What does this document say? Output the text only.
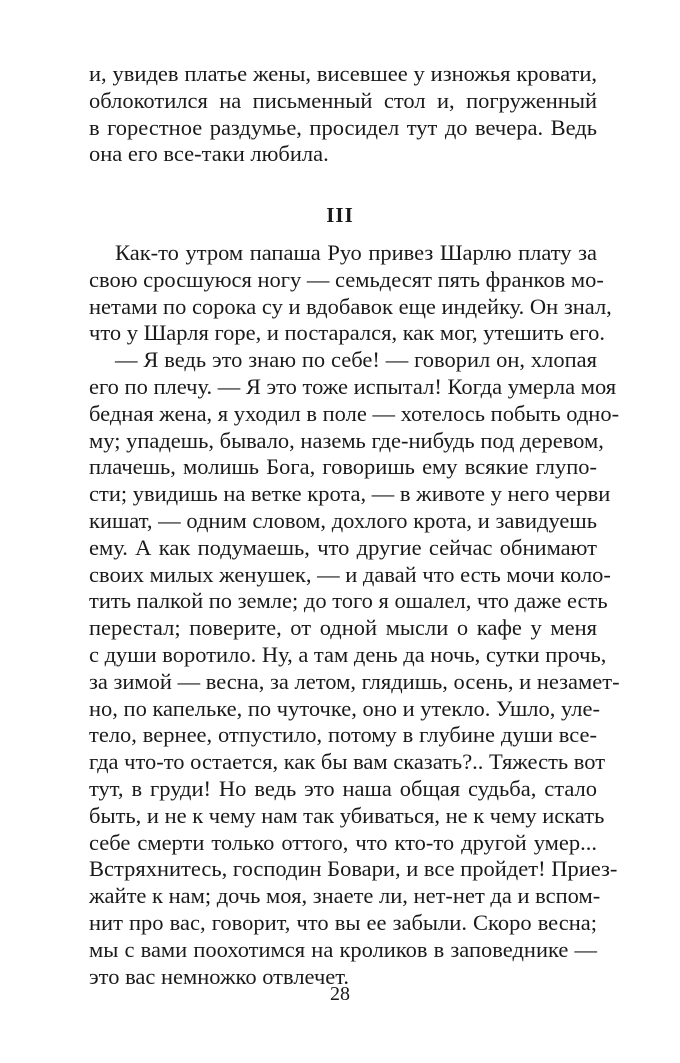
и, увидев платье жены, висевшее у изножья кровати,
облокотился на письменный стол и, погруженный
в горестное раздумье, просидел тут до вечера. Ведь
она его все-таки любила.
III
Как-то утром папаша Руо привез Шарлю плату за
свою сросшуюся ногу — семьдесят пять франков мо-
нетами по сорока су и вдобавок еще индейку. Он знал,
что у Шарля горе, и постарался, как мог, утешить его.
— Я ведь это знаю по себе! — говорил он, хлопая
его по плечу. — Я это тоже испытал! Когда умерла моя
бедная жена, я уходил в поле — хотелось побыть одно-
му; упадешь, бывало, наземь где-нибудь под деревом,
плачешь, молишь Бога, говоришь ему всякие глупо-
сти; увидишь на ветке крота, — в животе у него черви
кишат, — одним словом, дохлого крота, и завидуешь
ему. А как подумаешь, что другие сейчас обнимают
своих милых женушек, — и давай что есть мочи коло-
тить палкой по земле; до того я ошалел, что даже есть
перестал; поверите, от одной мысли о кафе у меня
с души воротило. Ну, а там день да ночь, сутки прочь,
за зимой — весна, за летом, глядишь, осень, и незамет-
но, по капельке, по чуточке, оно и утекло. Ушло, уле-
тело, вернее, отпустило, потому в глубине души все-
гда что-то остается, как бы вам сказать?.. Тяжесть вот
тут, в груди! Но ведь это наша общая судьба, стало
быть, и не к чему нам так убиваться, не к чему искать
себе смерти только оттого, что кто-то другой умер...
Встряхнитесь, господин Бовари, и все пройдет! Приез-
жайте к нам; дочь моя, знаете ли, нет-нет да и вспом-
нит про вас, говорит, что вы ее забыли. Скоро весна;
мы с вами поохотимся на кроликов в заповеднике —
это вас немножко отвлечет.
28
